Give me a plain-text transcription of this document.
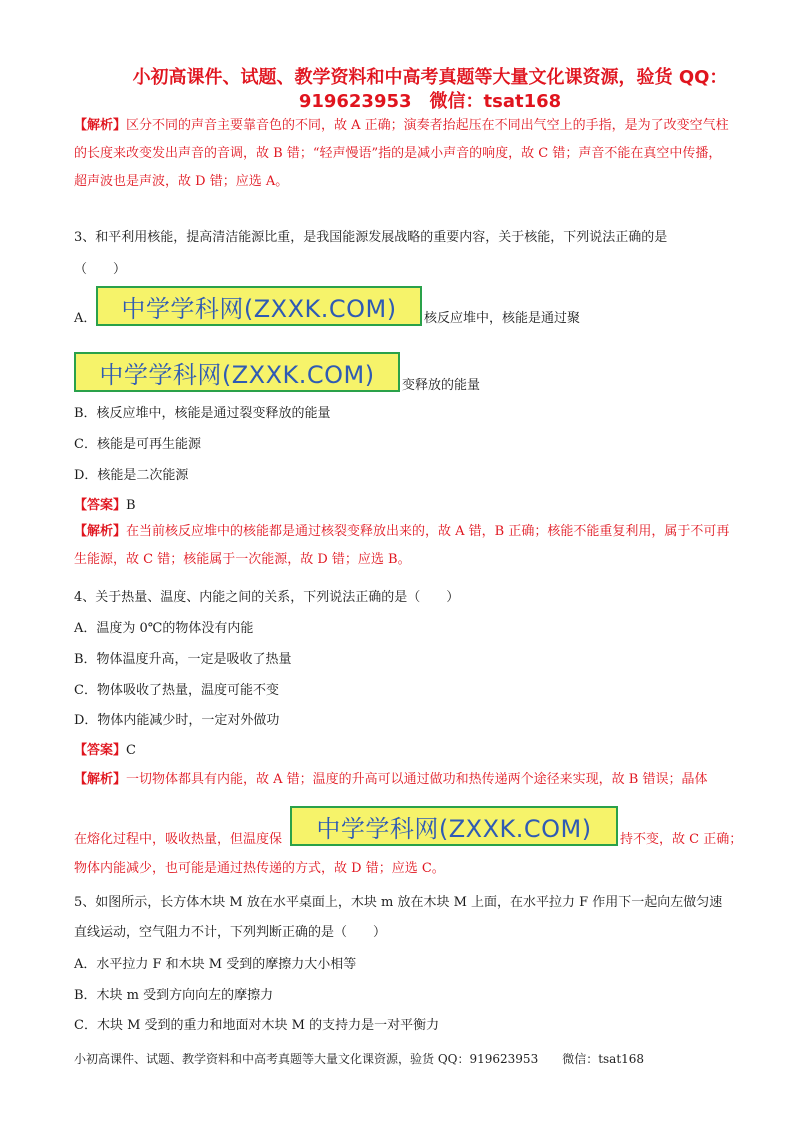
小初高课件、试题、教学资料和中高考真题等大量文化课资源，验货 QQ：
919623953　微信：tsat168
【解析】区分不同的声音主要靠音色的不同，故 A 正确；演奏者抬起压在不同出气空上的手指，是为了改变空气柱的长度来改变发出声音的音调，故 B 错；“轻声慢语”指的是减小声音的响度，故 C 错；声音不能在真空中传播，超声波也是声波，故 D 错；应选 A。
3、和平利用核能，提高清洁能源比重，是我国能源发展战略的重要内容，关于核能，下列说法正确的是
（　　）
A． 中学学科网(ZXXK.COM) 核反应堆中，核能是通过聚
中学学科网(ZXXK.COM) 变释放的能量
B．核反应堆中，核能是通过裂变释放的能量
C．核能是可再生能源
D．核能是二次能源
【答案】B
【解析】在当前核反应堆中的核能都是通过核裂变释放出来的，故 A 错，B 正确；核能不能重复利用，属于不可再生能源，故 C 错；核能属于一次能源，故 D 错；应选 B。
4、关于热量、温度、内能之间的关系，下列说法正确的是（　　）
A．温度为 0℃的物体没有内能
B．物体温度升高，一定是吸收了热量
C．物体吸收了热量，温度可能不变
D．物体内能减少时，一定对外做功
【答案】C
【解析】一切物体都具有内能，故 A 错；温度的升高可以通过做功和热传递两个途径来实现，故 B 错误；晶体
在熔化过程中，吸收热量，但温度保 中学学科网(ZXXK.COM) 持不变，故 C 正确；
物体内能减少，也可能是通过热传递的方式，故 D 错；应选 C。
5、如图所示，长方体木块 M 放在水平桌面上，木块 m 放在木块 M 上面，在水平拉力 F 作用下一起向左做匀速
直线运动，空气阻力不计，下列判断正确的是（　　）
A．水平拉力 F 和木块 M 受到的摩擦力大小相等
B．木块 m 受到方向向左的摩擦力
C．木块 M 受到的重力和地面对木块 M 的支持力是一对平衡力
小初高课件、试题、教学资料和中高考真题等大量文化课资源，验货 QQ：919623953　　微信：tsat168
